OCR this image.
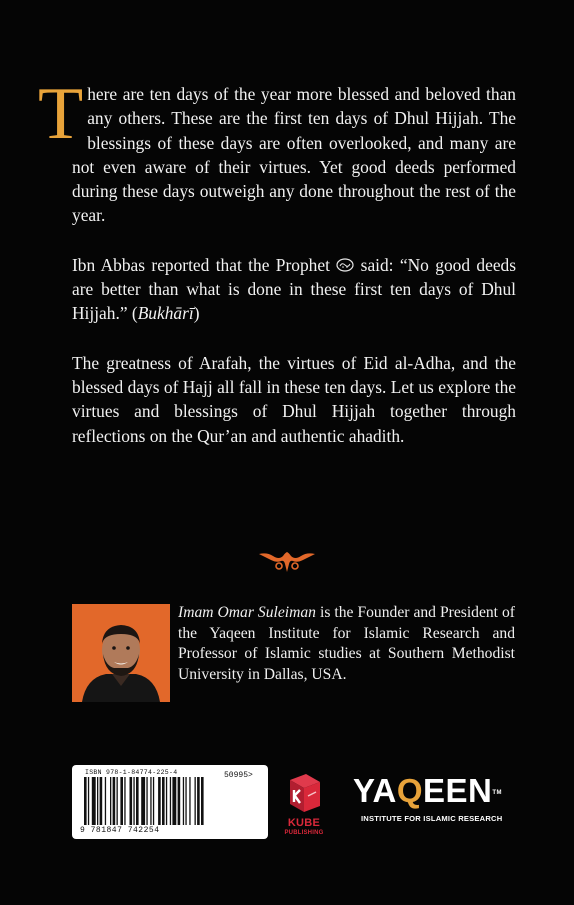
There are ten days of the year more blessed and beloved than any others. These are the first ten days of Dhul Hijjah. The blessings of these days are often overlooked, and many are not even aware of their virtues. Yet good deeds performed during these days outweigh any done throughout the rest of the year.

Ibn Abbas reported that the Prophet  said: “No good deeds are better than what is done in these first ten days of Dhul Hijjah.” (Bukhārī)

The greatness of Arafah, the virtues of Eid al-Adha, and the blessed days of Hajj all fall in these ten days. Let us explore the virtues and blessings of Dhul Hijjah together through reflections on the Qur’an and authentic ahadith.

Imam Omar Suleiman is the Founder and President of the Yaqeen Institute for Islamic Research and Professor of Islamic studies at Southern Methodist University in Dallas, USA.
ISBN 978-1-84774-225-4	50995>
9 781847 742254
KUBE
PUBLISHING
YAQEEN™
INSTITUTE FOR ISLAMIC RESEARCH
